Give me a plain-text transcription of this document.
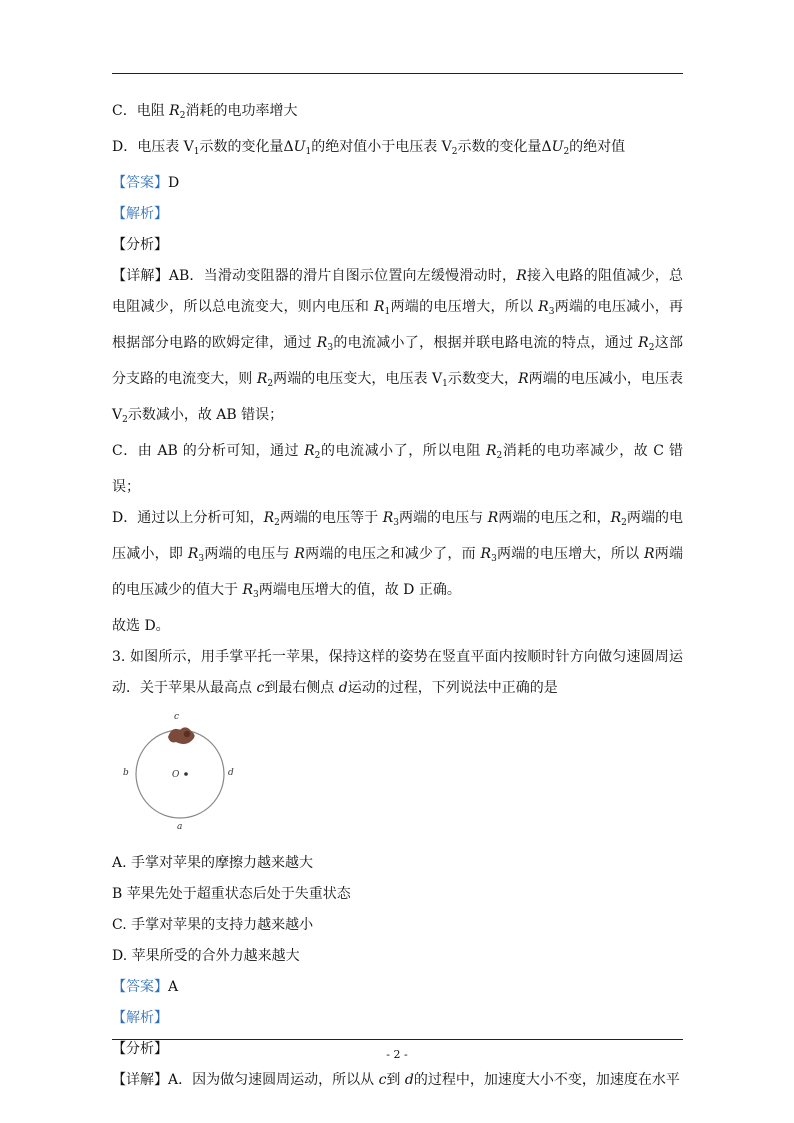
C．电阻 $R_2$消耗的电功率增大
D．电压表 $V_1$示数的变化量$\Delta U_1$的绝对值小于电压表 $V_2$示数的变化量$\Delta U_2$的绝对值
【答案】D
【解析】
【分析】
【详解】AB．当滑动变阻器的滑片自图示位置向左缓慢滑动时，R接入电路的阻值减少，总电阻减少，所以总电流变大，则内电压和 $R_1$两端的电压增大，所以 $R_3$两端的电压减小，再根据部分电路的欧姆定律，通过 $R_3$的电流减小了，根据并联电路电流的特点，通过 $R_2$这部分支路的电流变大，则 $R_2$两端的电压变大，电压表 $V_1$示数变大，R两端的电压减小，电压表 $V_2$示数减小，故 AB 错误；
C．由 AB 的分析可知，通过 $R_2$的电流减小了，所以电阻 $R_2$消耗的电功率减少，故 C 错误；
D．通过以上分析可知，$R_2$两端的电压等于 $R_3$两端的电压与 R两端的电压之和，$R_2$两端的电压减小，即 $R_3$两端的电压与 R两端的电压之和减少了，而 $R_3$两端的电压增大，所以 R两端的电压减少的值大于 $R_3$两端电压增大的值，故 D 正确。
故选 D。
3. 如图所示，用手掌平托一苹果，保持这样的姿势在竖直平面内按顺时针方向做匀速圆周运动．关于苹果从最高点 c到最右侧点 d运动的过程，下列说法中正确的是
c
b	d
O
a
A. 手掌对苹果的摩擦力越来越大
B 苹果先处于超重状态后处于失重状态
C. 手掌对苹果的支持力越来越小
D. 苹果所受的合外力越来越大
【答案】A
【解析】
【分析】
【详解】A．因为做匀速圆周运动，所以从 c到 d的过程中，加速度大小不变，加速度在水平
- 2 -
